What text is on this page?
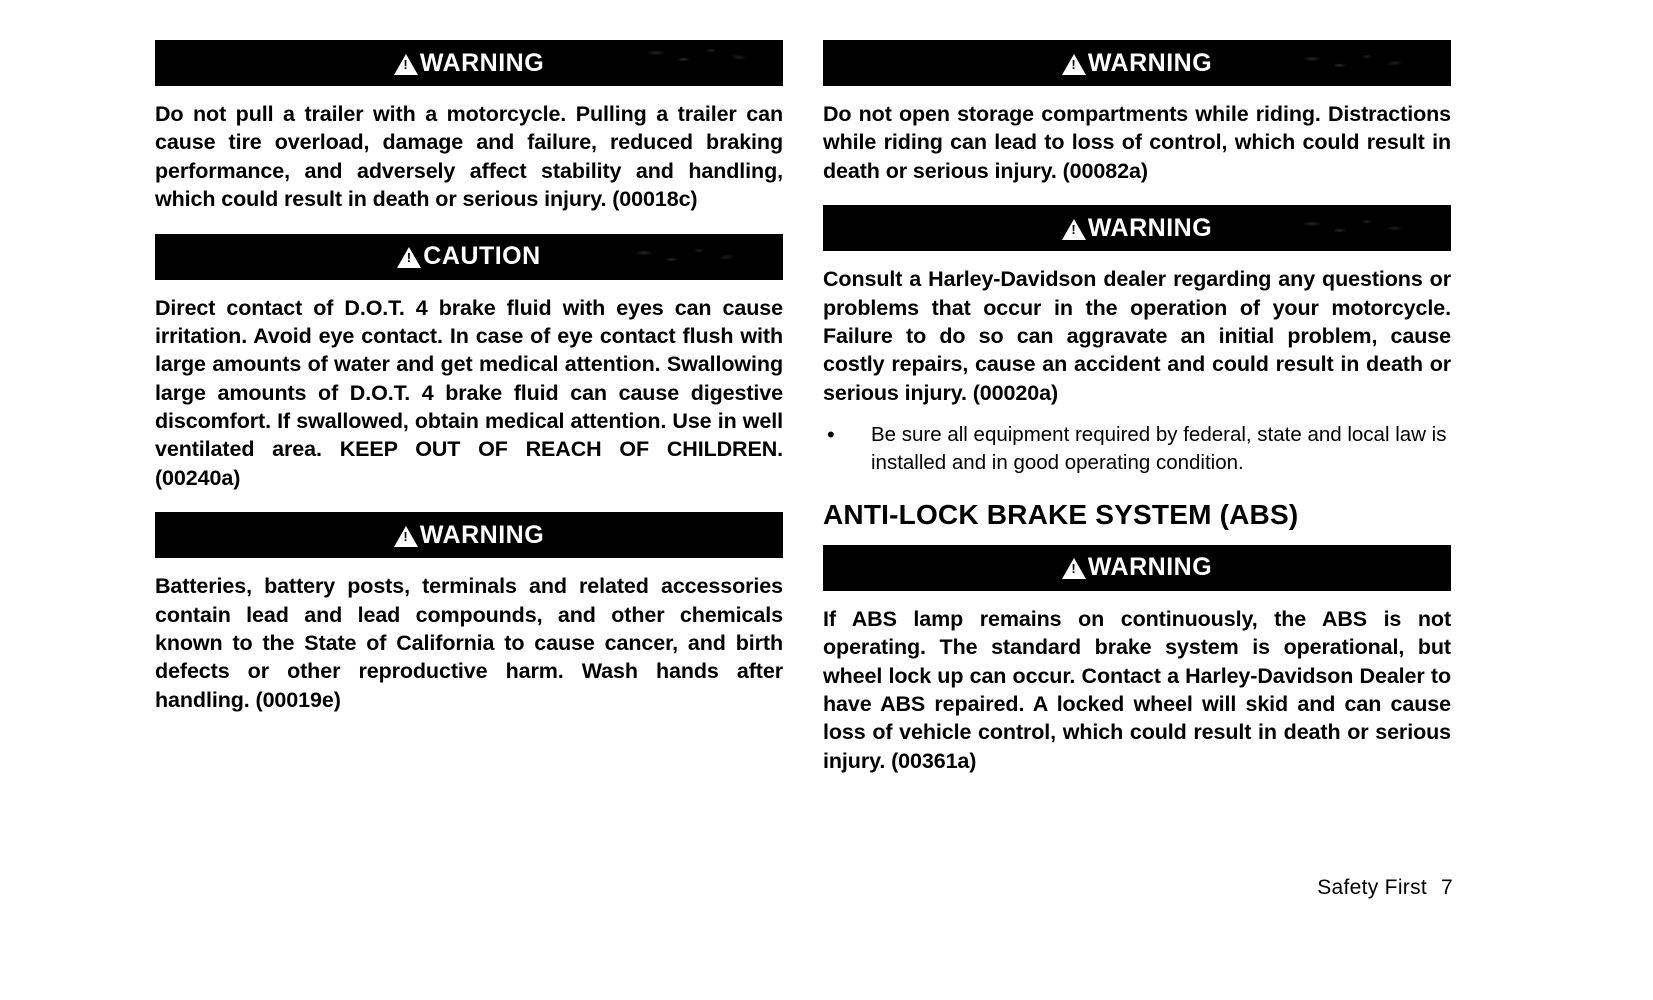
!
WARNING

Do not pull a trailer with a motorcycle. Pulling a trailer can cause tire overload, damage and failure, reduced braking performance, and adversely affect stability and handling, which could result in death or serious injury. (00018c)

!
CAUTION

Direct contact of D.O.T. 4 brake fluid with eyes can cause irritation. Avoid eye contact. In case of eye contact flush with large amounts of water and get medical attention. Swallowing large amounts of D.O.T. 4 brake fluid can cause digestive discomfort. If swallowed, obtain medical attention. Use in well ventilated area. KEEP OUT OF REACH OF CHILDREN. (00240a)

!
WARNING

Batteries, battery posts, terminals and related accessories contain lead and lead compounds, and other chemicals known to the State of California to cause cancer, and birth defects or other reproductive harm. Wash hands after handling. (00019e)

!
WARNING

Do not open storage compartments while riding. Distractions while riding can lead to loss of control, which could result in death or serious injury. (00082a)

!
WARNING

Consult a Harley-Davidson dealer regarding any questions or problems that occur in the operation of your motorcycle. Failure to do so can aggravate an initial problem, cause costly repairs, cause an accident and could result in death or serious injury. (00020a)

•	Be sure all equipment required by federal, state and local law is installed and in good operating condition.
ANTI-LOCK BRAKE SYSTEM (ABS)
!
WARNING

If ABS lamp remains on continuously, the ABS is not operating. The standard brake system is operational, but wheel lock up can occur. Contact a Harley-Davidson Dealer to have ABS repaired. A locked wheel will skid and can cause loss of vehicle control, which could result in death or serious injury. (00361a)

Safety First 7
